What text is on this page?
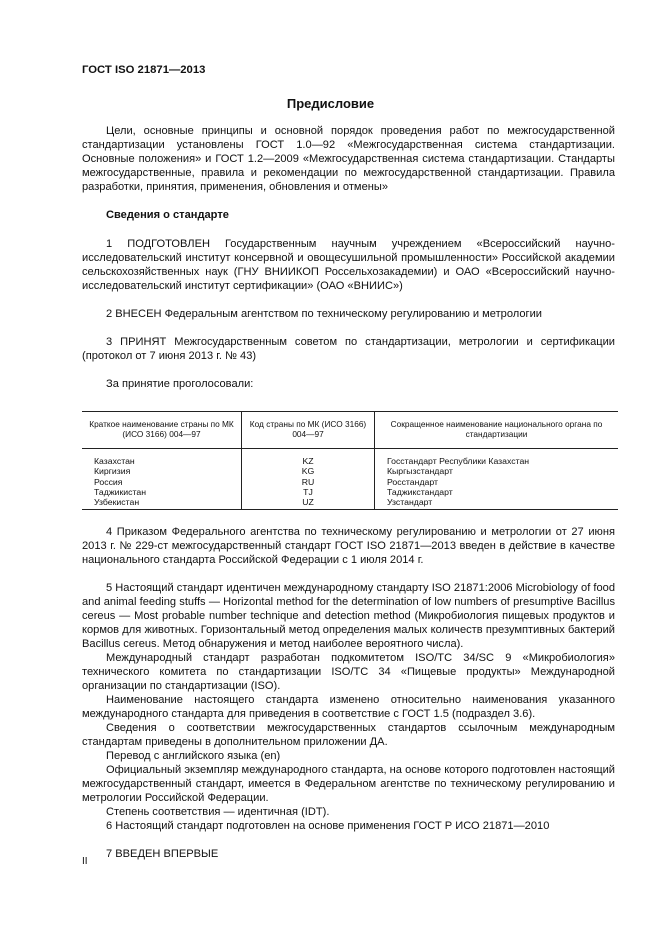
ГОСТ ISO 21871—2013
Предисловие

Цели, основные принципы и основной порядок проведения работ по межгосударственной стандартизации установлены ГОСТ 1.0—92 «Межгосударственная система стандартизации. Основные положения» и ГОСТ 1.2—2009 «Межгосударственная система стандартизации. Стандарты межгосударственные, правила и рекомендации по межгосударственной стандартизации. Правила разработки, принятия, применения, обновления и отмены»

Сведения о стандарте

1 ПОДГОТОВЛЕН Государственным научным учреждением «Всероссийский научно-исследовательский институт консервной и овощесушильной промышленности» Российской академии сельскохозяйственных наук (ГНУ ВНИИКОП Россельхозакадемии) и ОАО «Всероссийский научно-исследовательский институт сертификации» (ОАО «ВНИИС»)

2 ВНЕСЕН Федеральным агентством по техническому регулированию и метрологии

3 ПРИНЯТ Межгосударственным советом по стандартизации, метрологии и сертификации (протокол от 7 июня 2013 г. № 43)

За принятие проголосовали:

Краткое наименование страны по МК (ИСО 3166) 004—97	Код страны по МК (ИСО 3166) 004—97	Сокращенное наименование национального органа по стандартизации
Казахстан	KZ	Госстандарт Республики Казахстан
Киргизия	KG	Кыргызстандарт
Россия	RU	Росстандарт
Таджикистан	TJ	Таджикстандарт
Узбекистан	UZ	Узстандарт

4 Приказом Федерального агентства по техническому регулированию и метрологии от 27 июня 2013 г. № 229-ст межгосударственный стандарт ГОСТ ISO 21871—2013 введен в действие в качестве национального стандарта Российской Федерации с 1 июля 2014 г.

5 Настоящий стандарт идентичен международному стандарту ISO 21871:2006 Microbiology of food and animal feeding stuffs — Horizontal method for the determination of low numbers of presumptive Bacillus cereus — Most probable number technique and detection method (Микробиология пищевых продуктов и кормов для животных. Горизонтальный метод определения малых количеств презумптивных бактерий Bacillus cereus. Метод обнаружения и метод наиболее вероятного числа).

Международный стандарт разработан подкомитетом ISO/TC 34/SC 9 «Микробиология» технического комитета по стандартизации ISO/TC 34 «Пищевые продукты» Международной организации по стандартизации (ISO).

Наименование настоящего стандарта изменено относительно наименования указанного международного стандарта для приведения в соответствие с ГОСТ 1.5 (подраздел 3.6).

Сведения о соответствии межгосударственных стандартов ссылочным международным стандартам приведены в дополнительном приложении ДА.

Перевод с английского языка (en)

Официальный экземпляр международного стандарта, на основе которого подготовлен настоящий межгосударственный стандарт, имеется в Федеральном агентстве по техническому регулированию и метрологии Российской Федерации.

Степень соответствия — идентичная (IDT).

6 Настоящий стандарт подготовлен на основе применения ГОСТ Р ИСО 21871—2010

7 ВВЕДЕН ВПЕРВЫЕ

II
